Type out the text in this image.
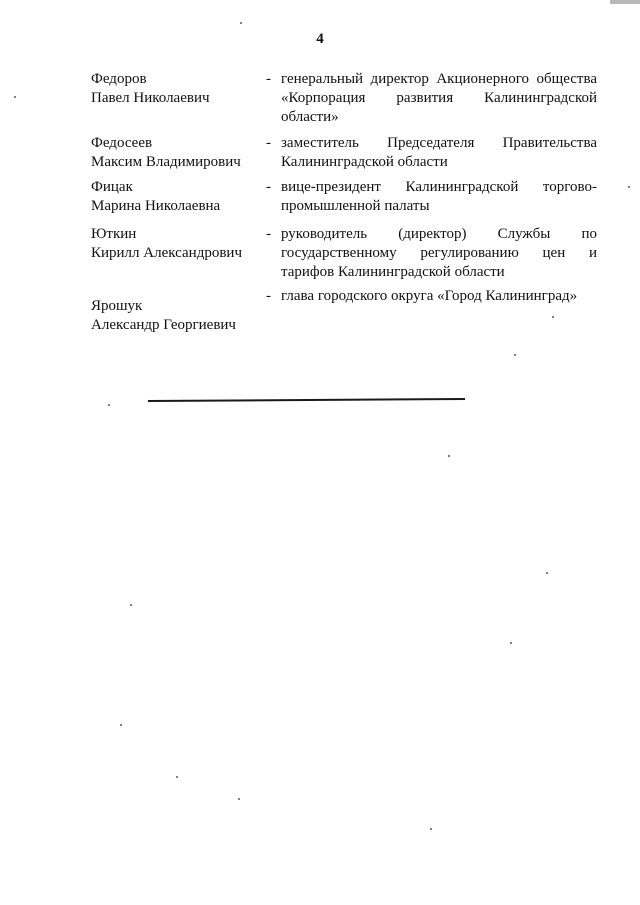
4
Федоров
Павел Николаевич
- генеральный директор Акционерного общества
«Корпорация развития Калининградской
области»
Федосеев
Максим Владимирович
- заместитель Председателя Правительства
Калининградской области
Фицак
Марина Николаевна
- вице-президент Калининградской торгово-
промышленной палаты
Юткин
Кирилл Александрович
- руководитель (директор) Службы по
государственному регулированию цен и
тарифов Калининградской области
Ярошук
Александр Георгиевич
- глава городского округа «Город Калининград»
